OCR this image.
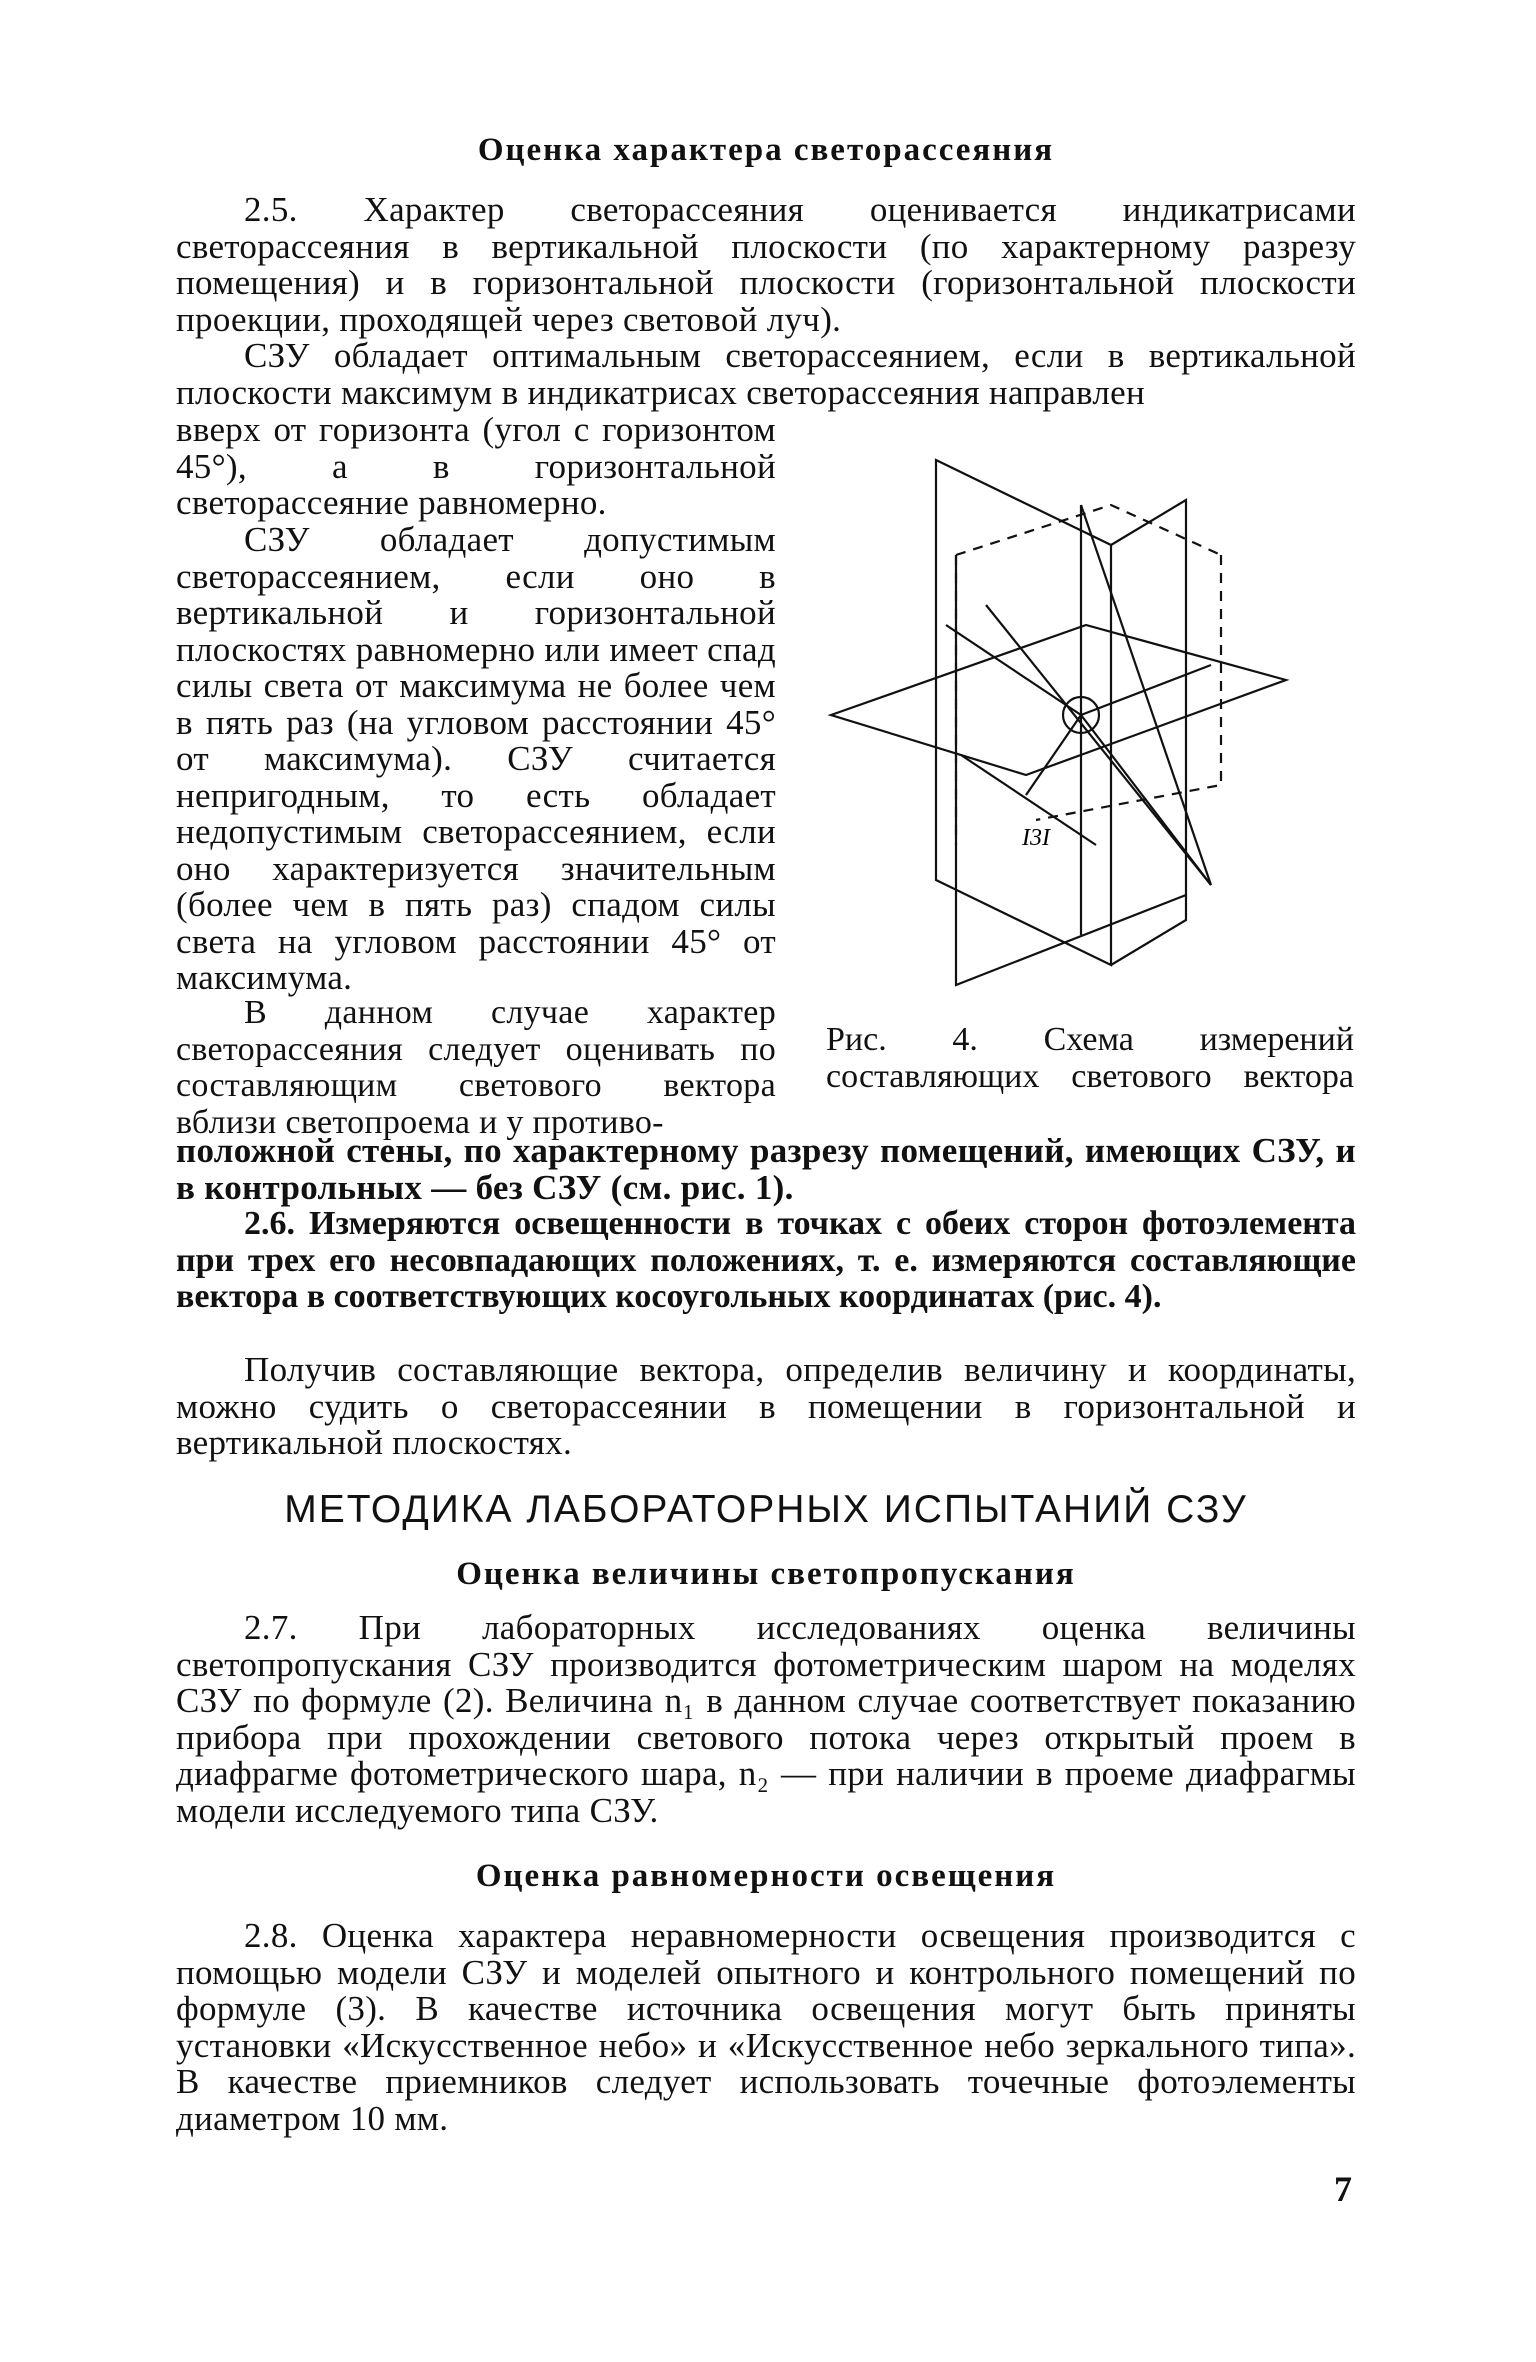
Оценка характера светорассеяния

2.5. Характер светорассеяния оценивается индикатрисами светорассеяния в вертикальной плоскости (по характерному разрезу помещения) и в горизонтальной плоскости (горизонтальной плоскости проекции, проходящей через световой луч).

СЗУ обладает оптимальным светорассеянием, если в вертикальной плоскости максимум в индикатрисах светорассеяния направлен

вверх от горизонта (угол с горизонтом 45°), а в горизонтальной светорассеяние равномерно.

СЗУ обладает допустимым светорассеянием, если оно в вертикальной и горизонтальной плоскостях равномерно или имеет спад силы света от максимума не более чем в пять раз (на угловом расстоянии 45° от максимума). СЗУ считается непригодным, то есть обладает недопустимым светорассеянием, если оно характеризуется значительным (более чем в пять раз) спадом силы света на угловом расстоянии 45° от максимума.

В данном случае характер светорассеяния следует оценивать по составляющим светового вектора вблизи светопроема и у противо-

положной стены, по характерному разрезу помещений, имеющих СЗУ, и в контрольных — без СЗУ (см. рис. 1).

2.6. Измеряются освещенности в точках с обеих сторон фотоэлемента при трех его несовпадающих положениях, т. е. измеряются составляющие вектора в соответствующих косоугольных координатах (рис. 4).

Получив составляющие вектора, определив величину и координаты, можно судить о светорассеянии в помещении в горизонтальной и вертикальной плоскостях.

I3I
Рис. 4. Схема измерений составляющих светового вектора
МЕТОДИКА ЛАБОРАТОРНЫХ ИСПЫТАНИЙ СЗУ
Оценка величины светопропускания

2.7. При лабораторных исследованиях оценка величины светопропускания СЗУ производится фотометрическим шаром на моделях СЗУ по формуле (2). Величина n₁ в данном случае соответствует показанию прибора при прохождении светового потока через открытый проем в диафрагме фотометрического шара, n₂ — при наличии в проеме диафрагмы модели исследуемого типа СЗУ.

Оценка равномерности освещения

2.8. Оценка характера неравномерности освещения производится с помощью модели СЗУ и моделей опытного и контрольного помещений по формуле (3). В качестве источника освещения могут быть приняты установки «Искусственное небо» и «Искусственное небо зеркального типа». В качестве приемников следует использовать точечные фотоэлементы диаметром 10 мм.

7
